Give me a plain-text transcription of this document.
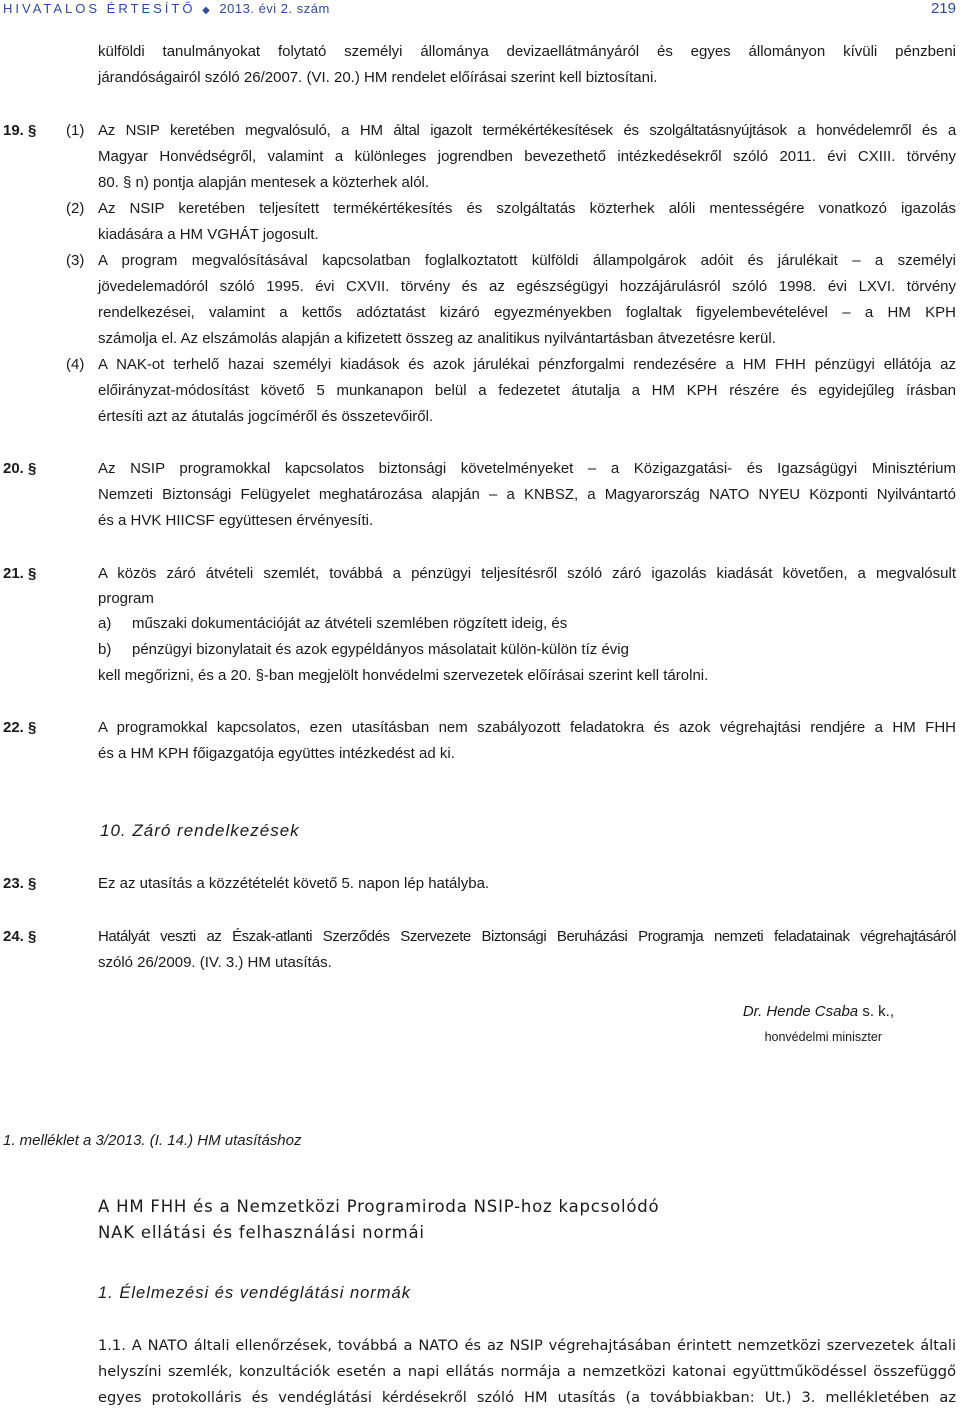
HIVATALOS ÉRTESÍTŐ ◆ 2013. évi 2. szám	219
külföldi tanulmányokat folytató személyi állománya devizaellátmányáról és egyes állományon kívüli pénzbeni
járandóságairól szóló 26/2007. (VI. 20.) HM rendelet előírásai szerint kell biztosítani.
19. § (1) Az NSIP keretében megvalósuló, a HM által igazolt termékértékesítések és szolgáltatásnyújtások a honvédelemről és a
Magyar Honvédségről, valamint a különleges jogrendben bevezethető intézkedésekről szóló 2011. évi CXIII. törvény
80. § n) pontja alapján mentesek a közterhek alól.
(2) Az NSIP keretében teljesített termékértékesítés és szolgáltatás közterhek alóli mentességére vonatkozó igazolás
kiadására a HM VGHÁT jogosult.
(3) A program megvalósításával kapcsolatban foglalkoztatott külföldi állampolgárok adóit és járulékait – a személyi
jövedelemadóról szóló 1995. évi CXVII. törvény és az egészségügyi hozzájárulásról szóló 1998. évi LXVI. törvény
rendelkezései, valamint a kettős adóztatást kizáró egyezményekben foglaltak figyelembevételével – a HM KPH
számolja el. Az elszámolás alapján a kifizetett összeg az analitikus nyilvántartásban átvezetésre kerül.
(4) A NAK-ot terhelő hazai személyi kiadások és azok járulékai pénzforgalmi rendezésére a HM FHH pénzügyi ellátója az
előirányzat-módosítást követő 5 munkanapon belül a fedezetet átutalja a HM KPH részére és egyidejűleg írásban
értesíti azt az átutalás jogcíméről és összetevőiről.
20. §	Az NSIP programokkal kapcsolatos biztonsági követelményeket – a Közigazgatási- és Igazságügyi Minisztérium
Nemzeti Biztonsági Felügyelet meghatározása alapján – a KNBSZ, a Magyarország NATO NYEU Központi Nyilvántartó
és a HVK HIICSF együttesen érvényesíti.
21. §	A közös záró átvételi szemlét, továbbá a pénzügyi teljesítésről szóló záró igazolás kiadását követően, a megvalósult
program
a) műszaki dokumentációját az átvételi szemlében rögzített ideig, és
b) pénzügyi bizonylatait és azok egypéldányos másolatait külön-külön tíz évig
kell megőrizni, és a 20. §-ban megjelölt honvédelmi szervezetek előírásai szerint kell tárolni.
22. §	A programokkal kapcsolatos, ezen utasításban nem szabályozott feladatokra és azok végrehajtási rendjére a HM FHH
és a HM KPH főigazgatója együttes intézkedést ad ki.
10. Záró rendelkezések
23. §	Ez az utasítás a közzétételét követő 5. napon lép hatályba.
24. §	Hatályát veszti az Észak-atlanti Szerződés Szervezete Biztonsági Beruházási Programja nemzeti feladatainak végrehajtásáról
szóló 26/2009. (IV. 3.) HM utasítás.
Dr. Hende Csaba s. k.,
honvédelmi miniszter
1. melléklet a 3/2013. (I. 14.) HM utasításhoz
A HM FHH és a Nemzetközi Programiroda NSIP-hoz kapcsolódó
NAK ellátási és felhasználási normái
1. Élelmezési és vendéglátási normák
1.1. A NATO általi ellenőrzések, továbbá a NATO és az NSIP végrehajtásában érintett nemzetközi szervezetek általi
helyszíni szemlék, konzultációk esetén a napi ellátás normája a nemzetközi katonai együttműködéssel összefüggő
egyes protokolláris és vendéglátási kérdésekről szóló HM utasítás (a továbbiakban: Ut.) 3. mellékletében az
